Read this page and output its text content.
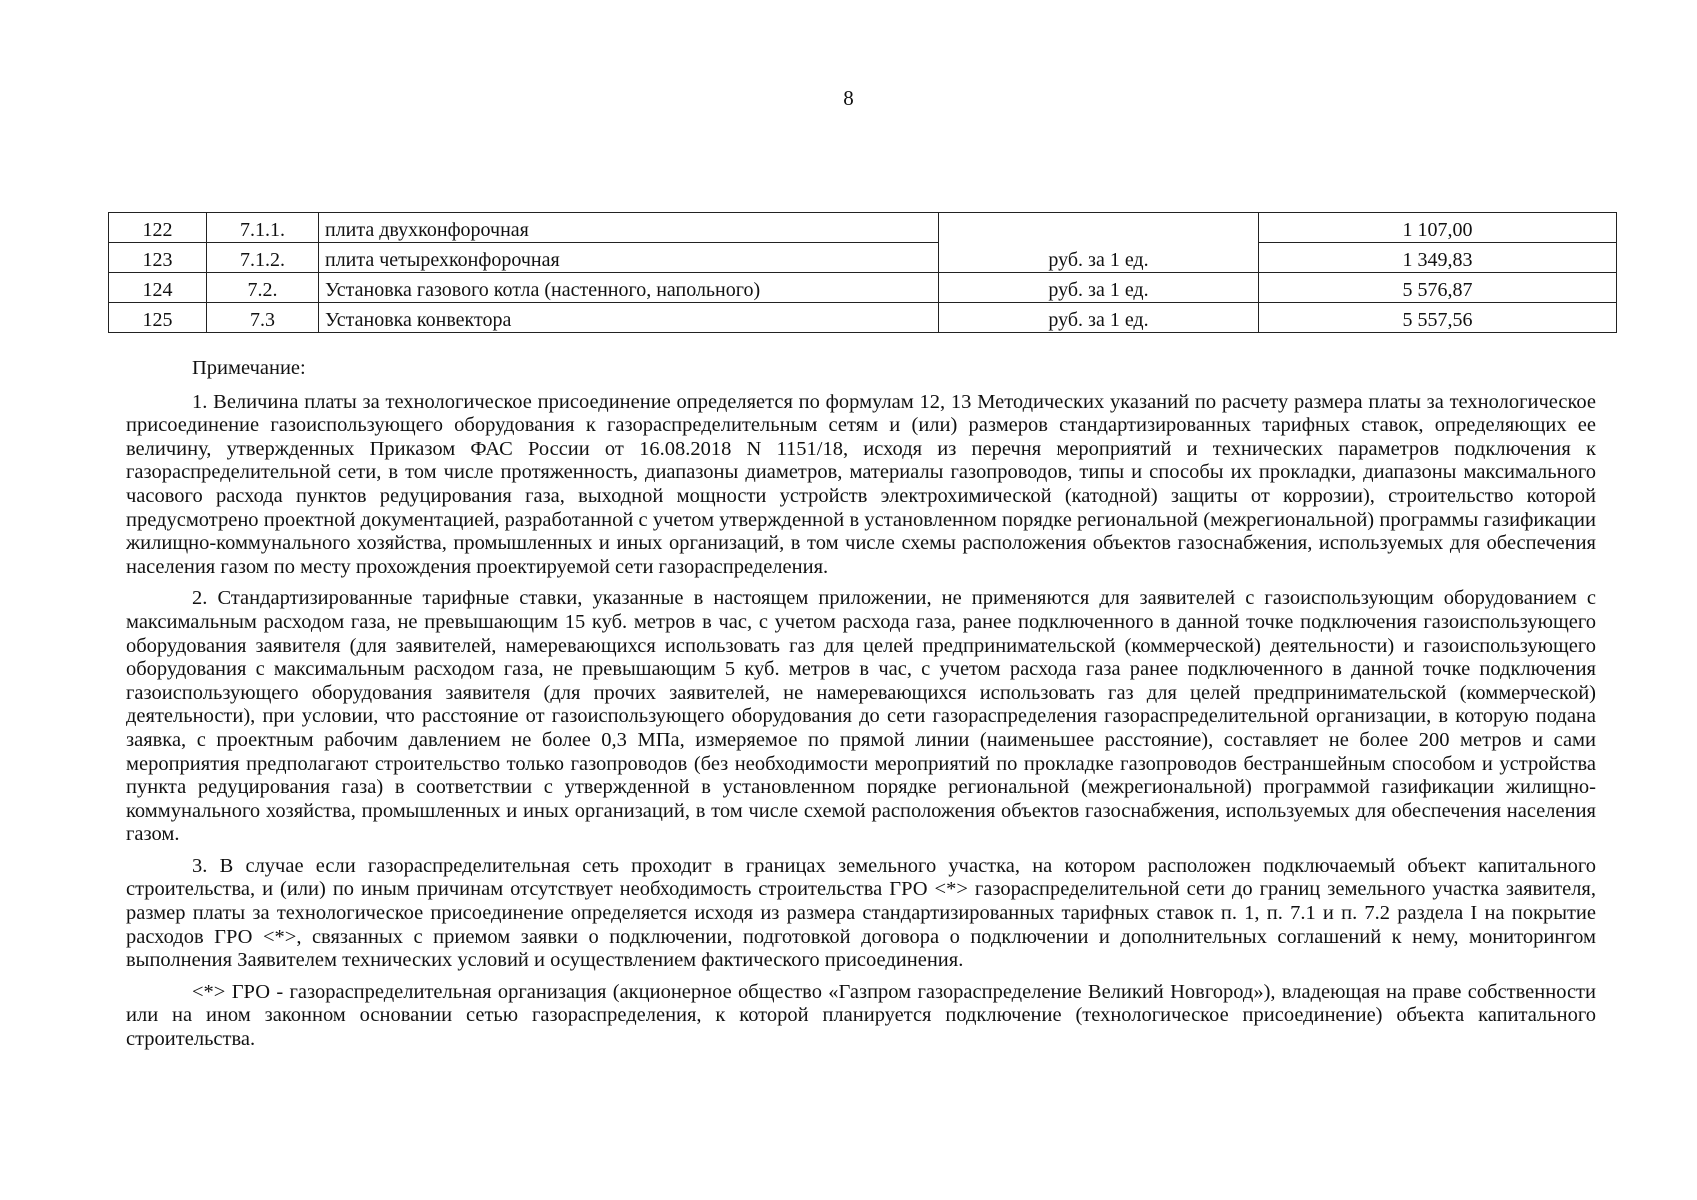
8
122	7.1.1.	плита двухконфорочная	руб. за 1 ед.	1 107,00
123	7.1.2.	плита четырехконфорочная		1 349,83
124	7.2.	Установка газового котла (настенного, напольного)	руб. за 1 ед.	5 576,87
125	7.3	Установка конвектора	руб. за 1 ед.	5 557,56

Примечание:

1. Величина платы за технологическое присоединение определяется по формулам 12, 13 Методических указаний по расчету размера платы за технологическое присоединение газоиспользующего оборудования к газораспределительным сетям и (или) размеров стандартизированных тарифных ставок, определяющих ее величину, утвержденных Приказом ФАС России от 16.08.2018 N 1151/18, исходя из перечня мероприятий и технических параметров подключения к газораспределительной сети, в том числе протяженность, диапазоны диаметров, материалы газопроводов, типы и способы их прокладки, диапазоны максимального часового расхода пунктов редуцирования газа, выходной мощности устройств электрохимической (катодной) защиты от коррозии), строительство которой предусмотрено проектной документацией, разработанной с учетом утвержденной в установленном порядке региональной (межрегиональной) программы газификации жилищно-коммунального хозяйства, промышленных и иных организаций, в том числе схемы расположения объектов газоснабжения, используемых для обеспечения населения газом по месту прохождения проектируемой сети газораспределения.

2. Стандартизированные тарифные ставки, указанные в настоящем приложении, не применяются для заявителей с газоиспользующим оборудованием с максимальным расходом газа, не превышающим 15 куб. метров в час, с учетом расхода газа, ранее подключенного в данной точке подключения газоиспользующего оборудования заявителя (для заявителей, намеревающихся использовать газ для целей предпринимательской (коммерческой) деятельности) и газоиспользующего оборудования с максимальным расходом газа, не превышающим 5 куб. метров в час, с учетом расхода газа ранее подключенного в данной точке подключения газоиспользующего оборудования заявителя (для прочих заявителей, не намеревающихся использовать газ для целей предпринимательской (коммерческой) деятельности), при условии, что расстояние от газоиспользующего оборудования до сети газораспределения газораспределительной организации, в которую подана заявка, с проектным рабочим давлением не более 0,3 МПа, измеряемое по прямой линии (наименьшее расстояние), составляет не более 200 метров и сами мероприятия предполагают строительство только газопроводов (без необходимости мероприятий по прокладке газопроводов бестраншейным способом и устройства пункта редуцирования газа) в соответствии с утвержденной в установленном порядке региональной (межрегиональной) программой газификации жилищно-коммунального хозяйства, промышленных и иных организаций, в том числе схемой расположения объектов газоснабжения, используемых для обеспечения населения газом.

3. В случае если газораспределительная сеть проходит в границах земельного участка, на котором расположен подключаемый объект капитального строительства, и (или) по иным причинам отсутствует необходимость строительства ГРО <*> газораспределительной сети до границ земельного участка заявителя, размер платы за технологическое присоединение определяется исходя из размера стандартизированных тарифных ставок п. 1, п. 7.1 и п. 7.2 раздела I на покрытие расходов ГРО <*>, связанных с приемом заявки о подключении, подготовкой договора о подключении и дополнительных соглашений к нему, мониторингом выполнения Заявителем технических условий и осуществлением фактического присоединения.

<*> ГРО - газораспределительная организация (акционерное общество «Газпром газораспределение Великий Новгород»), владеющая на праве собственности или на ином законном основании сетью газораспределения, к которой планируется подключение (технологическое присоединение) объекта капитального строительства.
